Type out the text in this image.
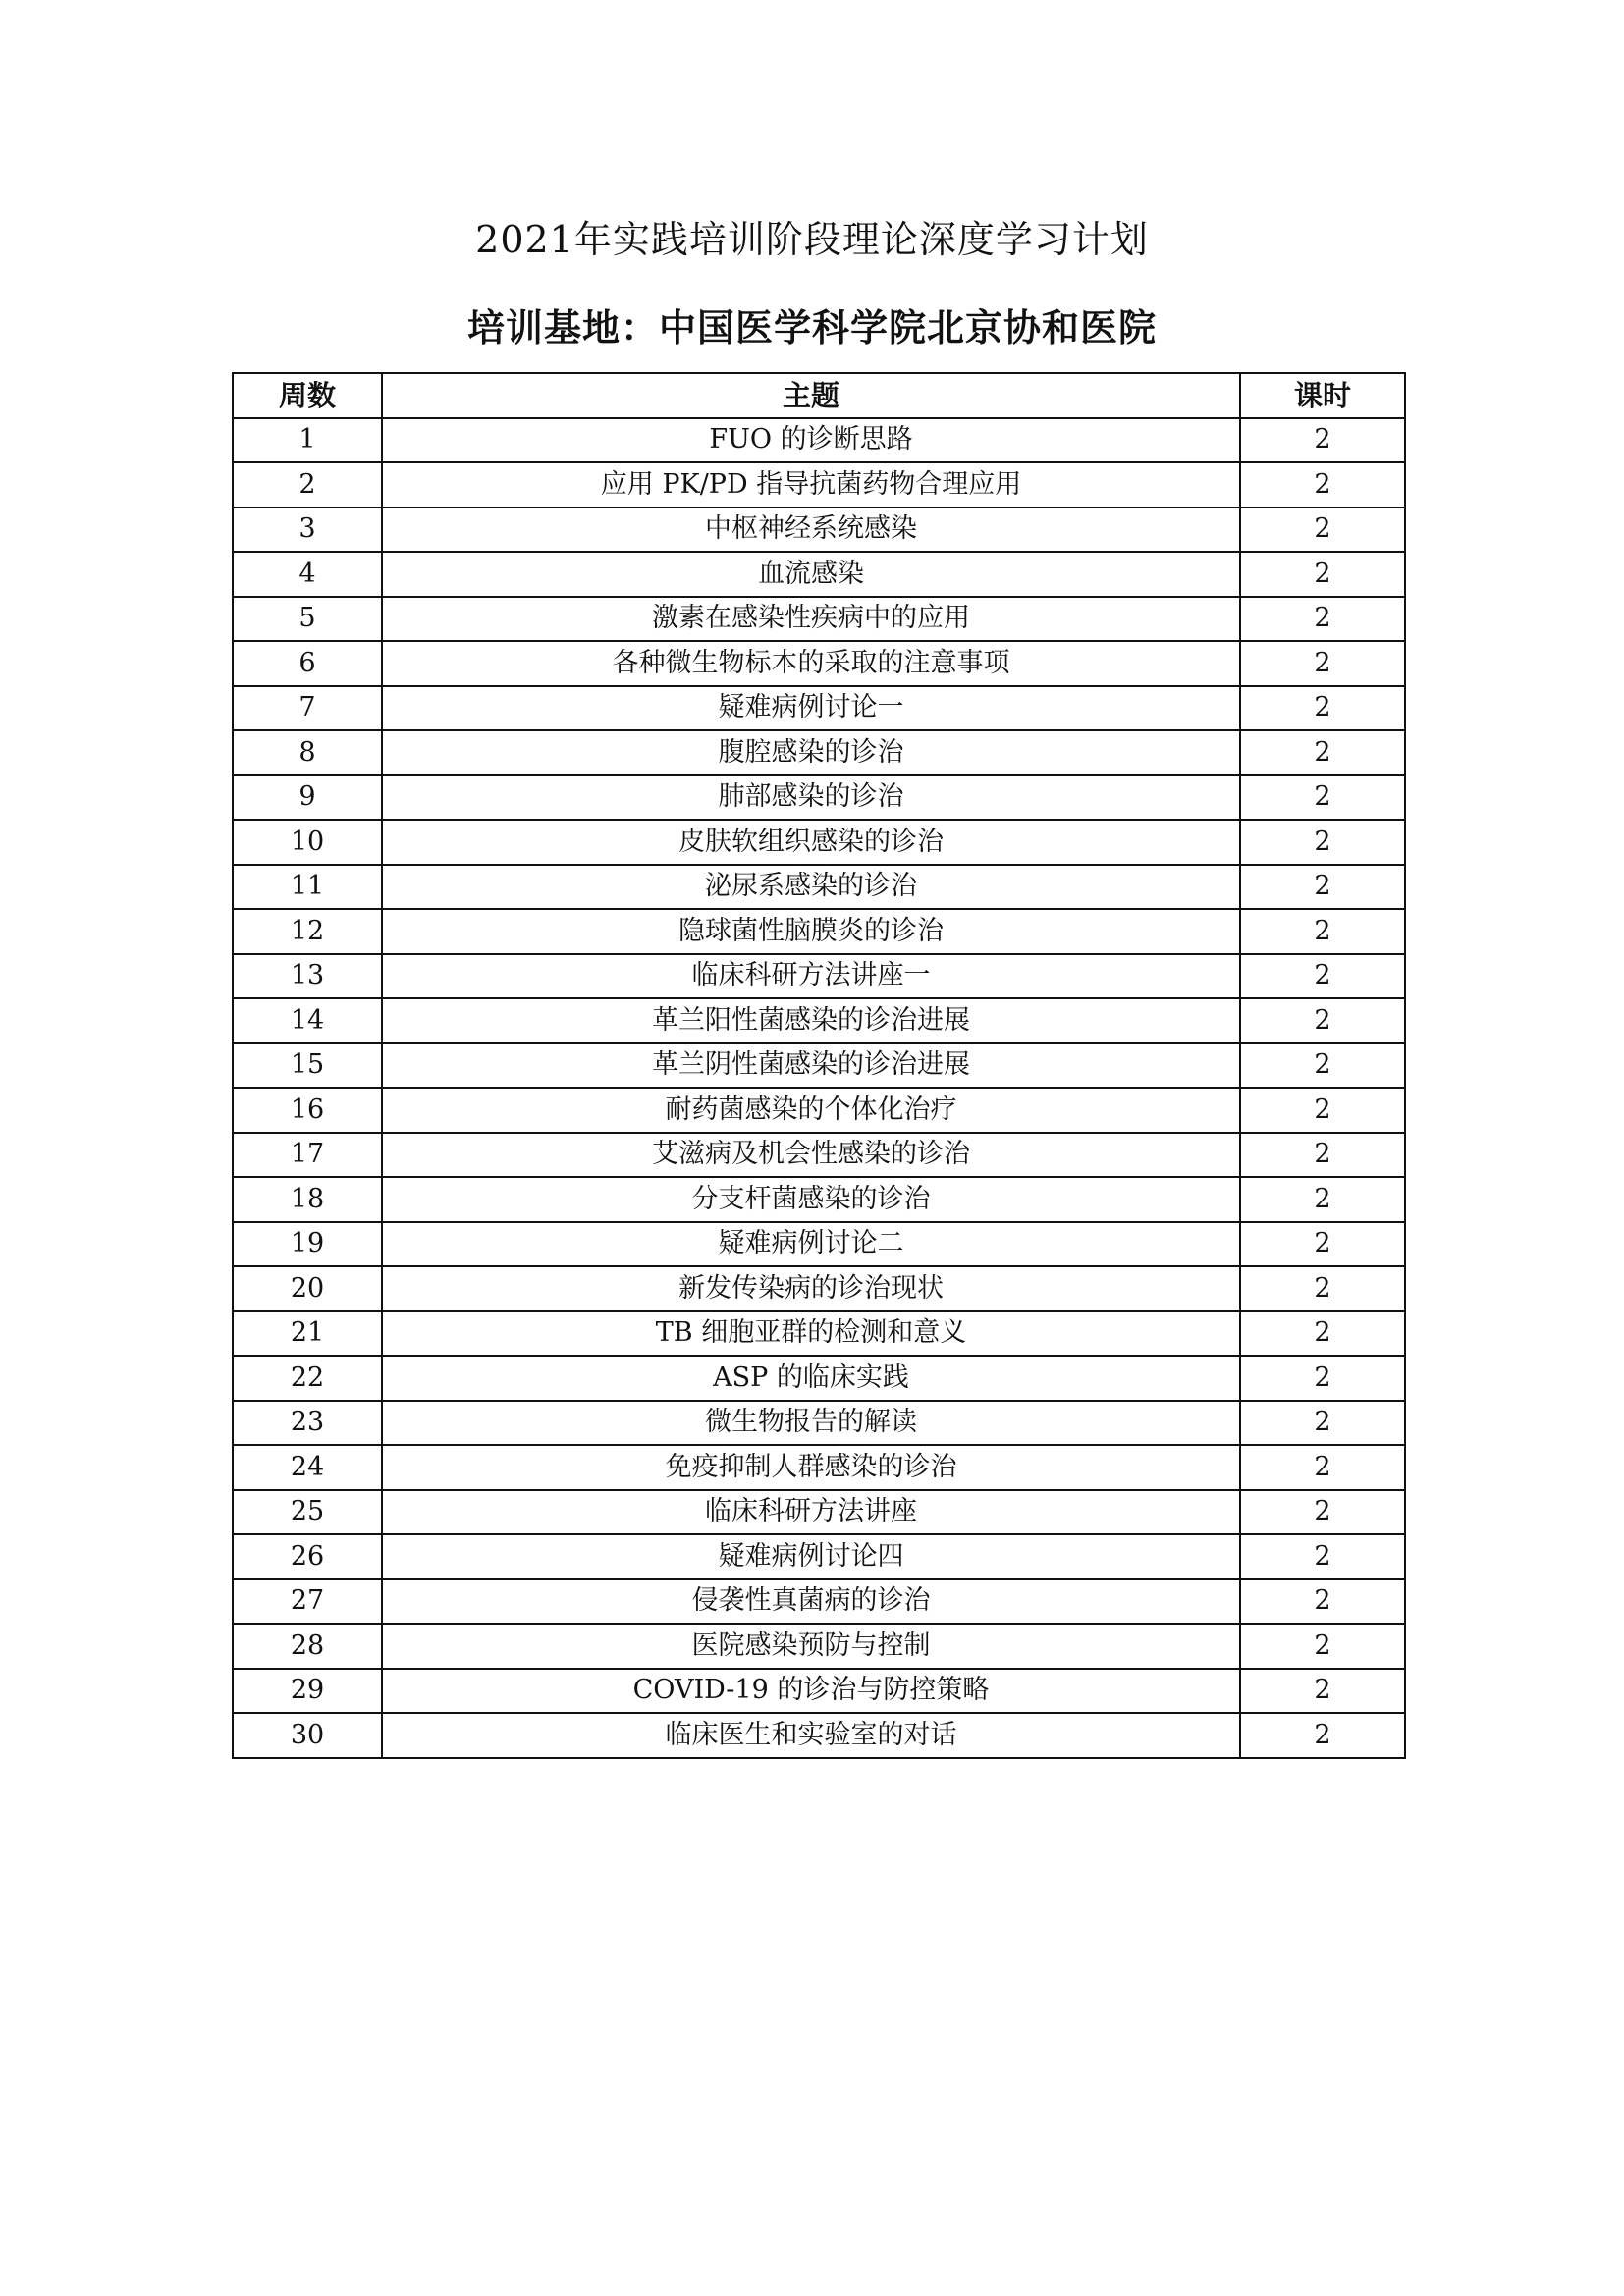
2021年实践培训阶段理论深度学习计划
培训基地：中国医学科学院北京协和医院
周数	主题	课时
1	FUO 的诊断思路	2
2	应用 PK/PD 指导抗菌药物合理应用	2
3	中枢神经系统感染	2
4	血流感染	2
5	激素在感染性疾病中的应用	2
6	各种微生物标本的采取的注意事项	2
7	疑难病例讨论一	2
8	腹腔感染的诊治	2
9	肺部感染的诊治	2
10	皮肤软组织感染的诊治	2
11	泌尿系感染的诊治	2
12	隐球菌性脑膜炎的诊治	2
13	临床科研方法讲座一	2
14	革兰阳性菌感染的诊治进展	2
15	革兰阴性菌感染的诊治进展	2
16	耐药菌感染的个体化治疗	2
17	艾滋病及机会性感染的诊治	2
18	分支杆菌感染的诊治	2
19	疑难病例讨论二	2
20	新发传染病的诊治现状	2
21	TB 细胞亚群的检测和意义	2
22	ASP 的临床实践	2
23	微生物报告的解读	2
24	免疫抑制人群感染的诊治	2
25	临床科研方法讲座	2
26	疑难病例讨论四	2
27	侵袭性真菌病的诊治	2
28	医院感染预防与控制	2
29	COVID-19 的诊治与防控策略	2
30	临床医生和实验室的对话	2
